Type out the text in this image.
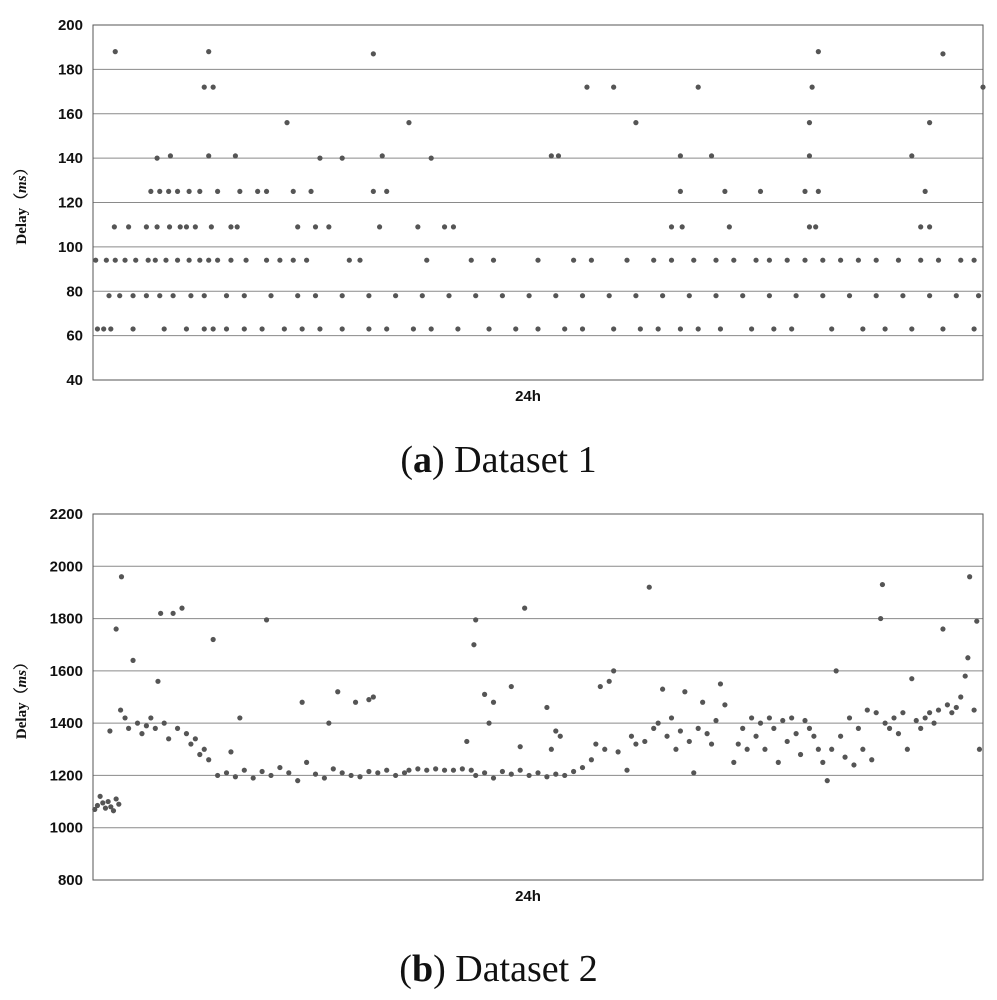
40
60
80
100
120
140
160
180
200
24h
Delay（ms）
(a) Dataset 1
800
1000
1200
1400
1600
1800
2000
2200
24h
Delay（ms）
(b) Dataset 2
